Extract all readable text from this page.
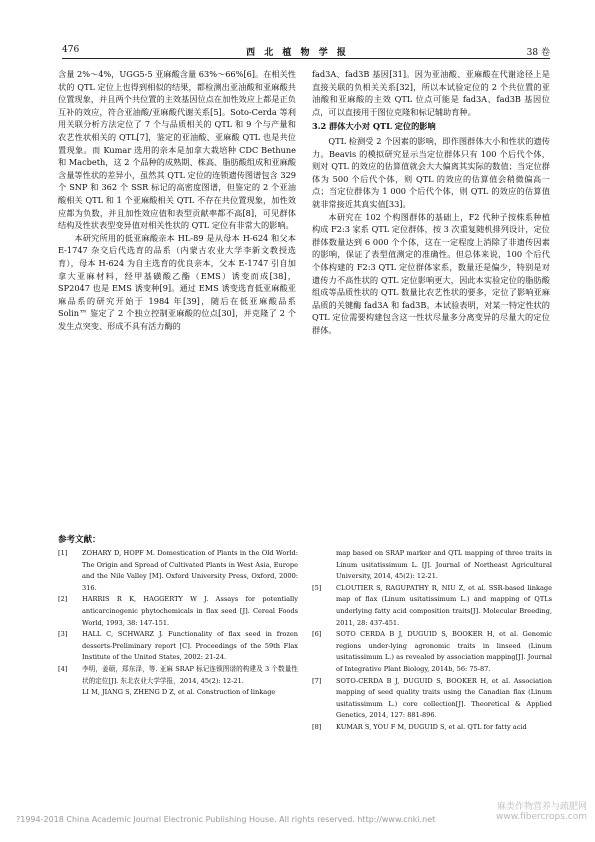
476	西 北 植 物 学 报	38 卷

含量 2%～4%，UGG5-5 亚麻酸含量 63%～66%[6]。在相关性状的 QTL 定位上也得到相似的结果，都检测出亚油酸和亚麻酸共位置现象，并且两个共位置的主效基因位点在加性效应上都是正负互补的效应，符合亚油酸/亚麻酸代谢关系[5]。Soto-Cerda 等利用关联分析方法定位了 7 个与品质相关的 QTL 和 9 个与产量和农艺性状相关的 QTL[7]，鉴定的亚油酸、亚麻酸 QTL 也是共位置现象。而 Kumar 选用的亲本是加拿大栽培种 CDC Bethune 和 Macbeth，这 2 个品种的成熟期、株高、脂肪酸组成和亚麻酸含量等性状的差异小，虽然其 QTL 定位的连锁遗传图谱包含 329 个 SNP 和 362 个 SSR 标记的高密度图谱，但鉴定的 2 个亚油酸相关 QTL 和 1 个亚麻酸相关 QTL 不存在共位置现象，加性效应都为负数，并且加性效应值和表型贡献率都不高[8]，可见群体结构及性状表型变异值对相关性状的 QTL 定位有非常大的影响。

本研究所用的低亚麻酸亲本 HL-89 是从母本 H-624 和父本 E-1747 杂交后代选育的品系（内蒙古农业大学李新文教授选育），母本 H-624 为自主选育的优良亲本，父本 E-1747 引自加拿大亚麻材料，经甲基磺酸乙酯（EMS）诱变而成[38]，SP2047 也是 EMS 诱变种[9]。通过 EMS 诱变选育低亚麻酸亚麻品系的研究开始于 1984 年[39]，随后在低亚麻酸品系 Solin™ 鉴定了 2 个独立控制亚麻酸的位点[30]，并克隆了 2 个发生点突变、形成不具有活力酶的

fad3A、fad3B 基因[31]。因为亚油酸、亚麻酸在代谢途径上是直接关联的负相关关系[32]，所以本试验定位的 2 个共位置的亚油酸和亚麻酸的主效 QTL 位点可能是 fad3A、fad3B 基因位点，可以直接用于图位克隆和标记辅助育种。

3.2 群体大小对 QTL 定位的影响

QTL 检测受 2 个因素的影响，即作图群体大小和性状的遗传力。Beavis 的模拟研究显示当定位群体只有 100 个后代个体，则对 QTL 的效应的估算值就会大大偏离其实际的数值；当定位群体为 500 个后代个体，则 QTL 的效应的估算值会稍微偏高一点；当定位群体为 1 000 个后代个体，则 QTL 的效应的估算值就非常接近其真实值[33]。

本研究在 102 个构图群体的基础上，F2 代种子按株系种植构成 F2:3 家系 QTL 定位群体，按 3 次重复随机排列设计，定位群体数量达到 6 000 个个体，这在一定程度上消除了非遗传因素的影响，保证了表型值测定的准确性。但总体来说，100 个后代个体构建的 F2:3 QTL 定位群体家系，数量还是偏少，特别是对遗传力不高性状的 QTL 定位影响更大，因此本实验定位的脂肪酸组成等品质性状的 QTL 数量比农艺性状的要多，定位了影响亚麻品质的关键酶 fad3A 和 fad3B。本试验表明，对某一特定性状的 QTL 定位需要构建包含这一性状尽量多分离变异的尽量大的定位群体。

参考文献：
[1]	ZOHARY D, HOPF M. Domestication of Plants in the Old World: The Origin and Spread of Cultivated Plants in West Asia, Europe and the Nile Valley [M]. Oxford University Press, Oxford, 2000: 316.
[2]	HARRIS R K, HAGGERTY W J. Assays for potentially anticarcinogenic phytochemicals in flax seed [J]. Cereal Foods World, 1993, 38: 147-151.
[3]	HALL C, SCHWARZ J. Functionality of flax seed in frozen desserts-Preliminary report [C]. Proceedings of the 59th Flax Institute of the United States, 2002: 21-24.
[4]	李明，姜硕，郑东泽，等. 亚麻 SRAP 标记连锁图谱的构建及 3 个数量性状的定位[J]. 东北农业大学学报，2014, 45(2): 12-21.
LI M, JIANG S, ZHENG D Z, et al. Construction of linkage
map based on SRAP marker and QTL mapping of three traits in Linum usitatissimum L. [J]. Journal of Northeast Agricultural University, 2014, 45(2): 12-21.
[5]	CLOUTIER S, RAGUPATHY R, NIU Z, et al. SSR-based linkage map of flax (Linum usitatissimum L.) and mapping of QTLs underlying fatty acid composition traits[J]. Molecular Breeding, 2011, 28: 437-451.
[6]	SOTO CERDA B J, DUGUID S, BOOKER H, et al. Genomic regions under-lying agronomic traits in linseed (Linum usitatissimum L.) as revealed by association mapping[J]. Journal of Integrative Plant Biology, 2014b, 56: 75-87.
[7]	SOTO-CERDA B J, DUGUID S, BOOKER H, et al. Association mapping of seed quality traits using the Canadian flax (Linum usitatissimum L.) core collection[J]. Theoretical & Applied Genetics, 2014, 127: 881-896.
[8]	KUMAR S, YOU F M, DUGUID S, et al. QTL for fatty acid
?1994-2018 China Academic Journal Electronic Publishing House. All rights reserved. http://www.cnki.net
麻类作物营养与疏肥网
www.fibercrops.com
